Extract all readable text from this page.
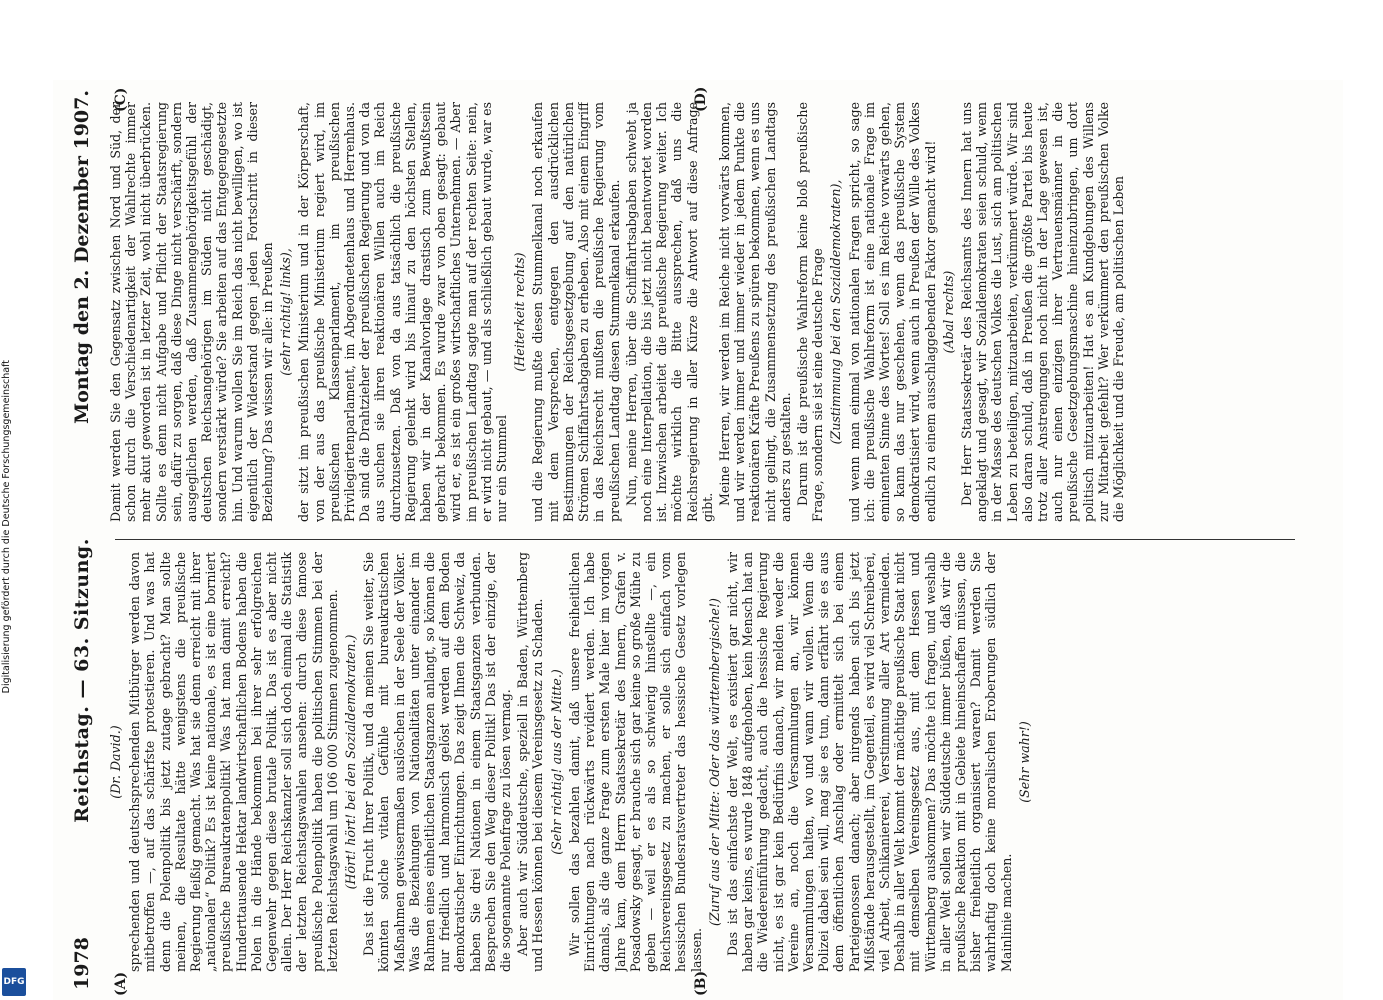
1978
Reichstag. — 63. Sitzung.
Montag den 2. Dezember 1907.
(A)	(B)
(C)	(D)
(Dr. David.) sprechenden und deutschsprechenden Mitbürger werden davon mitbetroffen —, auf das schärfste protestieren. Und was hat denn die Polenpolitik bis jetzt zutage gebracht? Man sollte meinen, die Resultate hätte wenigstens die preußische Regierung fleißig gemacht. Was hat sie denn erreicht mit ihrer „nationalen“ Politik? Es ist keine nationale, es ist eine borniert preußische Bureaukratenpolitik! Was hat man damit erreicht? Hunderttausende Hektar landwirtschaftlichen Bodens haben die Polen in die Hände bekommen bei ihrer sehr erfolgreichen Gegenwehr gegen diese brutale Politik. Das ist es aber nicht allein. Der Herr Reichskanzler soll sich doch einmal die Statistik der letzten Reichstagswahlen ansehen: durch diese famose preußische Polenpolitik haben die politischen Stimmen bei der letzten Reichstagswahl um 106 000 Stimmen zugenommen. (Hört! hört! bei den Sozialdemokraten.) Das ist die Frucht Ihrer Politik, und da meinen Sie weiter, Sie könnten solche vitalen Gefühle mit bureaukratischen Maßnahmen gewissermaßen auslöschen in der Seele der Völker. Was die Beziehungen von Nationalitäten unter einander im Rahmen eines einheitlichen Staatsganzen anlangt, so können die nur friedlich und harmonisch gelöst werden auf dem Boden demokratischer Einrichtungen. Das zeigt Ihnen die Schweiz, da haben Sie drei Nationen in einem Staatsganzen verbunden. Besprechen Sie den Weg dieser Politik! Das ist der einzige, der die sogenannte Polenfrage zu lösen vermag. Aber auch wir Süddeutsche, speziell in Baden, Württemberg und Hessen können bei diesem Vereinsgesetz zu Schaden. (Sehr richtig! aus der Mitte.) Wir sollen das bezahlen damit, daß unsere freiheitlichen Einrichtungen nach rückwärts revidiert werden. Ich habe damals, als die ganze Frage zum ersten Male hier im vorigen Jahre kam, dem Herrn Staatssekretär des Innern, Grafen v. Posadowsky gesagt, er brauche sich gar keine so große Mühe zu geben — weil er es als so schwierig hinstellte —, ein Reichsvereinsgesetz zu machen, er solle sich einfach vom hessischen Bundesratsvertreter das hessische Gesetz vorlegen lassen.

(Zuruf aus der Mitte: Oder das württembergische!) Das ist das einfachste der Welt, es existiert gar nicht, wir haben gar keins, es wurde 1848 aufgehoben, kein Mensch hat an die Wiedereinführung gedacht, auch die hessische Regierung nicht, es ist gar kein Bedürfnis danach, wir melden weder die Vereine an, noch die Versammlungen an, wir können Versammlungen halten, wo und wann wir wollen. Wenn die Polizei dabei sein will, mag sie es tun, dann erfährt sie es aus dem öffentlichen Anschlag oder ermittelt sich bei einem Parteigenossen danach; aber nirgends haben sich bis jetzt Mißstände herausgestellt, im Gegenteil, es wird viel Schreiberei, viel Arbeit, Schikaniererei, Verstimmung aller Art vermieden. Deshalb in aller Welt kommt der mächtige preußische Staat nicht mit demselben Vereinsgesetz aus, mit dem Hessen und Württemberg auskommen? Das möchte ich fragen, und weshalb in aller Welt sollen wir Süddeutsche immer büßen, daß wir die preußische Reaktion mit in Gebiete hineinschaffen müssen, die bisher freiheitlich organisiert waren? Damit werden Sie wahrhaftig doch keine moralischen Eroberungen südlich der Mainlinie machen.

(Sehr wahr!)

Damit werden Sie den Gegensatz zwischen Nord und Süd, der schon durch die Verschiedenartigkeit der Wahlrechte immer mehr akut geworden ist in letzter Zeit, wohl nicht überbrücken. Sollte es denn nicht Aufgabe und Pflicht der Staatsregierung sein, dafür zu sorgen, daß diese Dinge nicht verschärft, sondern ausgeglichen werden, daß Zusammengehörigkeitsgefühl der deutschen Reichsangehörigen im Süden nicht geschädigt, sondern verstärkt würde? Sie arbeiten auf das Entgegengesetzte hin. Und warum wollen Sie im Reich das nicht bewilligen, wo ist eigentlich der Widerstand gegen jeden Fortschritt in dieser Beziehung? Das wissen wir alle: in Preußen (sehr richtig! links), der sitzt im preußischen Ministerium und in der Körperschaft, von der aus das preußische Ministerium regiert wird, im preußischen Klassenparlament, im preußischen Privilegiertenparlament, im Abgeordnetenhaus und Herrenhaus. Da sind die Drahtzieher der preußischen Regierung und von da aus suchen sie ihren reaktionären Willen auch im Reich durchzusetzen. Daß von da aus tatsächlich die preußische Regierung gelenkt wird bis hinauf zu den höchsten Stellen, haben wir in der Kanalvorlage drastisch zum Bewußtsein gebracht bekommen. Es wurde zwar von oben gesagt: gebaut wird er, es ist ein großes wirtschaftliches Unternehmen. — Aber im preußischen Landtag sagte man auf der rechten Seite: nein, er wird nicht gebaut, — und als schließlich gebaut wurde, war es nur ein Stummel

(Heiterkeit rechts) und die Regierung mußte diesen Stummelkanal noch erkaufen mit dem Versprechen, entgegen den ausdrücklichen Bestimmungen der Reichsgesetzgebung auf den natürlichen Strömen Schiffahrtsabgaben zu erheben. Also mit einem Eingriff in das Reichsrecht mußten die preußische Regierung vom preußischen Landtag diesen Stummelkanal erkaufen. Nun, meine Herren, über die Schiffahrtsabgaben schwebt ja noch eine Interpellation, die bis jetzt nicht beantwortet worden ist. Inzwischen arbeitet die preußische Regierung weiter. Ich möchte wirklich die Bitte aussprechen, daß uns die Reichsregierung in aller Kürze die Antwort auf diese Anfrage gibt.

Meine Herren, wir werden im Reiche nicht vorwärts kommen, und wir werden immer und immer wieder in jedem Punkte die reaktionären Kräfte Preußens zu spüren bekommen, wenn es uns nicht gelingt, die Zusammensetzung des preußischen Landtags anders zu gestalten. Darum ist die preußische Wahlreform keine bloß preußische Frage, sondern sie ist eine deutsche Frage (Zustimmung bei den Sozialdemokraten), und wenn man einmal von nationalen Fragen spricht, so sage ich: die preußische Wahlreform ist eine nationale Frage im eminenten Sinne des Wortes! Soll es im Reiche vorwärts gehen, so kann das nur geschehen, wenn das preußische System demokratisiert wird, wenn auch in Preußen der Wille des Volkes endlich zu einem ausschlaggebenden Faktor gemacht wird! (Abal rechts) Der Herr Staatssekretär des Reichsamts des Innern hat uns angeklagt und gesagt, wir Sozialdemokraten seien schuld, wenn in der Masse des deutschen Volkes die Lust, sich am politischen Leben zu beteiligen, mitzuarbeiten, verkümmert würde. Wir sind also daran schuld, daß in Preußen die größte Partei bis heute trotz aller Anstrengungen noch nicht in der Lage gewesen ist, auch nur einen einzigen ihrer Vertrauensmänner in die preußische Gesetzgebungsmaschine hineinzubringen, um dort politisch mitzuarbeiten! Hat es an Kundgebungen des Willens zur Mitarbeit gefehlt? Wer verkümmert den preußischen Volke die Möglichkeit und die Freude, am politischen Leben

Digitalisierung gefördert durch die Deutsche Forschungsgemeinschaft
DFG
